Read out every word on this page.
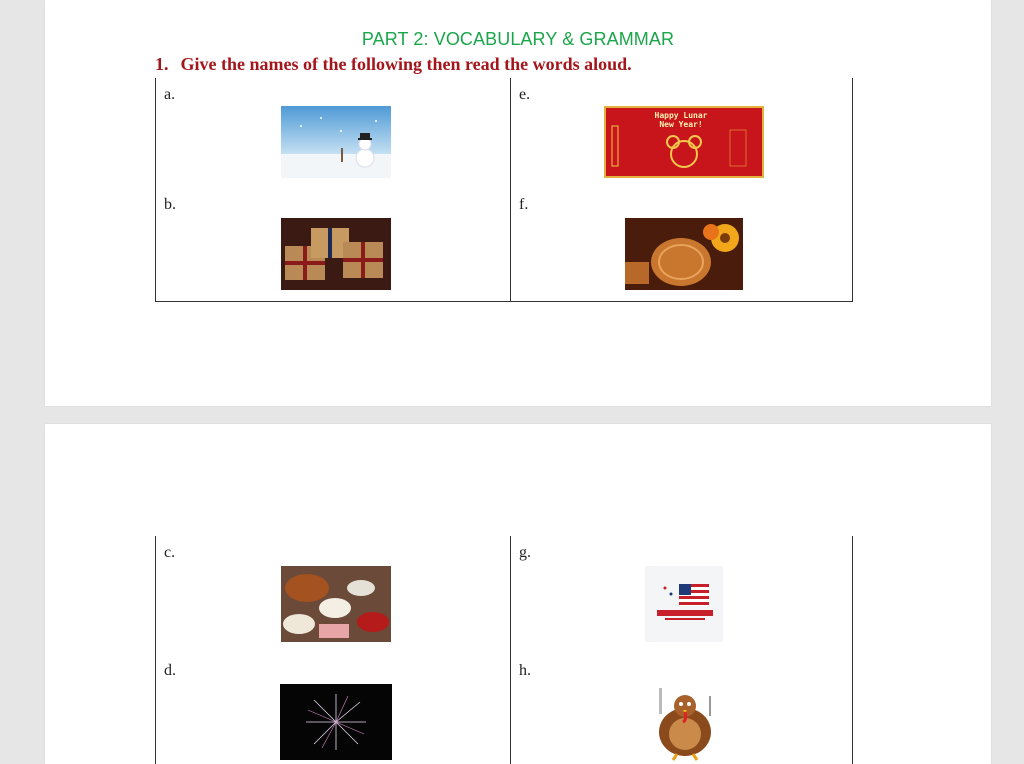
PART 2: VOCABULARY & GRAMMAR
1. Give the names of the following then read the words aloud.
a.	e.
Happy Lunar New Year!
b.	f.
c.	g.
d.	h.
